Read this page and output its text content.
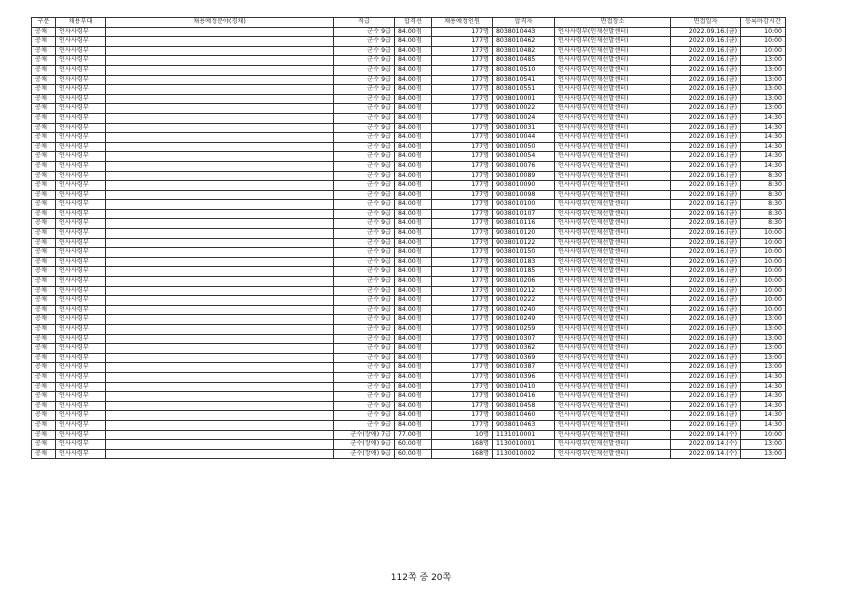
구분	채용부대	채용예정분야(경채)	직급	합격선	채용예정인원	합격자	면접장소	면접일자	등록마감시간
공채	인사사령부		군수 9급	84.00점	177명	8038010443	인사사령부(인재선발센터)	2022.09.16.(금)	10:00
공채	인사사령부		군수 9급	84.00점	177명	8038010462	인사사령부(인재선발센터)	2022.09.16.(금)	10:00
공채	인사사령부		군수 9급	84.00점	177명	8038010482	인사사령부(인재선발센터)	2022.09.16.(금)	10:00
공채	인사사령부		군수 9급	84.00점	177명	8038010485	인사사령부(인재선발센터)	2022.09.16.(금)	13:00
공채	인사사령부		군수 9급	84.00점	177명	8038010510	인사사령부(인재선발센터)	2022.09.16.(금)	13:00
공채	인사사령부		군수 9급	84.00점	177명	8038010541	인사사령부(인재선발센터)	2022.09.16.(금)	13:00
공채	인사사령부		군수 9급	84.00점	177명	8038010551	인사사령부(인재선발센터)	2022.09.16.(금)	13:00
공채	인사사령부		군수 9급	84.00점	177명	9038010001	인사사령부(인재선발센터)	2022.09.16.(금)	13:00
공채	인사사령부		군수 9급	84.00점	177명	9038010022	인사사령부(인재선발센터)	2022.09.16.(금)	13:00
공채	인사사령부		군수 9급	84.00점	177명	9038010024	인사사령부(인재선발센터)	2022.09.16.(금)	14:30
공채	인사사령부		군수 9급	84.00점	177명	9038010031	인사사령부(인재선발센터)	2022.09.16.(금)	14:30
공채	인사사령부		군수 9급	84.00점	177명	9038010044	인사사령부(인재선발센터)	2022.09.16.(금)	14:30
공채	인사사령부		군수 9급	84.00점	177명	9038010050	인사사령부(인재선발센터)	2022.09.16.(금)	14:30
공채	인사사령부		군수 9급	84.00점	177명	9038010054	인사사령부(인재선발센터)	2022.09.16.(금)	14:30
공채	인사사령부		군수 9급	84.00점	177명	9038010076	인사사령부(인재선발센터)	2022.09.16.(금)	14:30
공채	인사사령부		군수 9급	84.00점	177명	9038010089	인사사령부(인재선발센터)	2022.09.16.(금)	8:30
공채	인사사령부		군수 9급	84.00점	177명	9038010090	인사사령부(인재선발센터)	2022.09.16.(금)	8:30
공채	인사사령부		군수 9급	84.00점	177명	9038010098	인사사령부(인재선발센터)	2022.09.16.(금)	8:30
공채	인사사령부		군수 9급	84.00점	177명	9038010100	인사사령부(인재선발센터)	2022.09.16.(금)	8:30
공채	인사사령부		군수 9급	84.00점	177명	9038010107	인사사령부(인재선발센터)	2022.09.16.(금)	8:30
공채	인사사령부		군수 9급	84.00점	177명	9038010116	인사사령부(인재선발센터)	2022.09.16.(금)	8:30
공채	인사사령부		군수 9급	84.00점	177명	9038010120	인사사령부(인재선발센터)	2022.09.16.(금)	10:00
공채	인사사령부		군수 9급	84.00점	177명	9038010122	인사사령부(인재선발센터)	2022.09.16.(금)	10:00
공채	인사사령부		군수 9급	84.00점	177명	9038010150	인사사령부(인재선발센터)	2022.09.16.(금)	10:00
공채	인사사령부		군수 9급	84.00점	177명	9038010183	인사사령부(인재선발센터)	2022.09.16.(금)	10:00
공채	인사사령부		군수 9급	84.00점	177명	9038010185	인사사령부(인재선발센터)	2022.09.16.(금)	10:00
공채	인사사령부		군수 9급	84.00점	177명	9038010206	인사사령부(인재선발센터)	2022.09.16.(금)	10:00
공채	인사사령부		군수 9급	84.00점	177명	9038010212	인사사령부(인재선발센터)	2022.09.16.(금)	10:00
공채	인사사령부		군수 9급	84.00점	177명	9038010222	인사사령부(인재선발센터)	2022.09.16.(금)	10:00
공채	인사사령부		군수 9급	84.00점	177명	9038010240	인사사령부(인재선발센터)	2022.09.16.(금)	10:00
공채	인사사령부		군수 9급	84.00점	177명	9038010249	인사사령부(인재선발센터)	2022.09.16.(금)	13:00
공채	인사사령부		군수 9급	84.00점	177명	9038010259	인사사령부(인재선발센터)	2022.09.16.(금)	13:00
공채	인사사령부		군수 9급	84.00점	177명	9038010307	인사사령부(인재선발센터)	2022.09.16.(금)	13:00
공채	인사사령부		군수 9급	84.00점	177명	9038010362	인사사령부(인재선발센터)	2022.09.16.(금)	13:00
공채	인사사령부		군수 9급	84.00점	177명	9038010369	인사사령부(인재선발센터)	2022.09.16.(금)	13:00
공채	인사사령부		군수 9급	84.00점	177명	9038010387	인사사령부(인재선발센터)	2022.09.16.(금)	13:00
공채	인사사령부		군수 9급	84.00점	177명	9038010396	인사사령부(인재선발센터)	2022.09.16.(금)	14:30
공채	인사사령부		군수 9급	84.00점	177명	9038010410	인사사령부(인재선발센터)	2022.09.16.(금)	14:30
공채	인사사령부		군수 9급	84.00점	177명	9038010416	인사사령부(인재선발센터)	2022.09.16.(금)	14:30
공채	인사사령부		군수 9급	84.00점	177명	9038010458	인사사령부(인재선발센터)	2022.09.16.(금)	14:30
공채	인사사령부		군수 9급	84.00점	177명	9038010460	인사사령부(인재선발센터)	2022.09.16.(금)	14:30
공채	인사사령부		군수 9급	84.00점	177명	9038010463	인사사령부(인재선발센터)	2022.09.16.(금)	14:30
공채	인사사령부		군수(장애) 7급	77.00점	10명	1131010001	인사사령부(인재선발센터)	2022.09.14.(수)	10:00
공채	인사사령부		군수(장애) 9급	60.00점	168명	1130010001	인사사령부(인재선발센터)	2022.09.14.(수)	13:00
공채	인사사령부		군수(장애) 9급	60.00점	168명	1130010002	인사사령부(인재선발센터)	2022.09.14.(수)	13:00
112쪽 중 20쪽
